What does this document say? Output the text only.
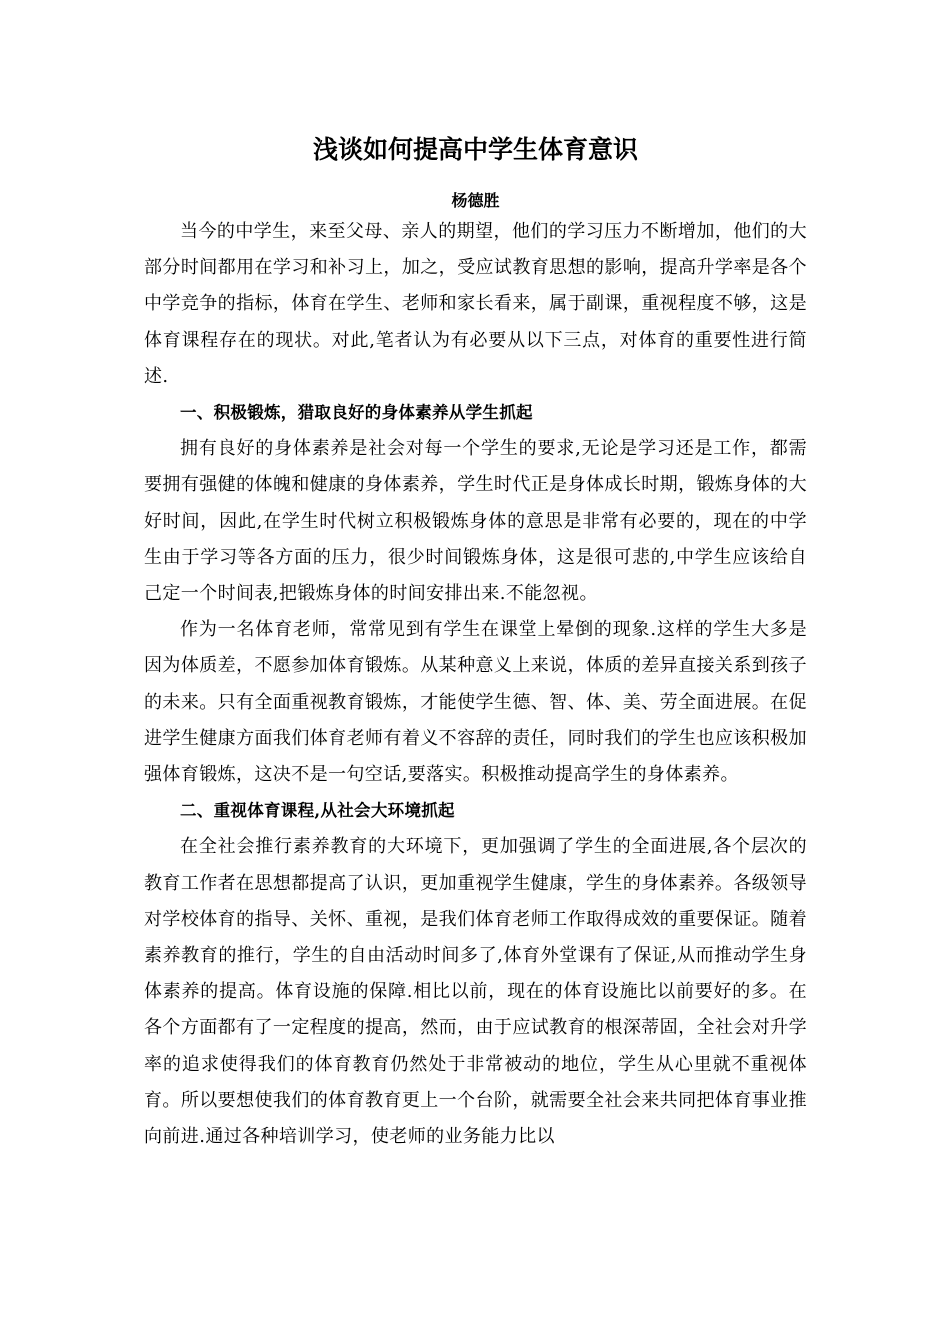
浅谈如何提高中学生体育意识
杨德胜

当今的中学生，来至父母、亲人的期望，他们的学习压力不断增加，他们的大部分时间都用在学习和补习上，加之，受应试教育思想的影响，提高升学率是各个中学竞争的指标，体育在学生、老师和家长看来，属于副课，重视程度不够，这是体育课程存在的现状。对此,笔者认为有必要从以下三点，对体育的重要性进行简述.

一、积极锻炼，猎取良好的身体素养从学生抓起

拥有良好的身体素养是社会对每一个学生的要求,无论是学习还是工作，都需要拥有强健的体魄和健康的身体素养，学生时代正是身体成长时期，锻炼身体的大好时间，因此,在学生时代树立积极锻炼身体的意思是非常有必要的，现在的中学生由于学习等各方面的压力，很少时间锻炼身体，这是很可悲的,中学生应该给自己定一个时间表,把锻炼身体的时间安排出来.不能忽视。

作为一名体育老师，常常见到有学生在课堂上晕倒的现象.这样的学生大多是因为体质差，不愿参加体育锻炼。从某种意义上来说，体质的差异直接关系到孩子的未来。只有全面重视教育锻炼，才能使学生德、智、体、美、劳全面进展。在促进学生健康方面我们体育老师有着义不容辞的责任，同时我们的学生也应该积极加强体育锻炼，这决不是一句空话,要落实。积极推动提高学生的身体素养。

二、重视体育课程,从社会大环境抓起

在全社会推行素养教育的大环境下，更加强调了学生的全面进展,各个层次的教育工作者在思想都提高了认识，更加重视学生健康，学生的身体素养。各级领导对学校体育的指导、关怀、重视，是我们体育老师工作取得成效的重要保证。随着素养教育的推行，学生的自由活动时间多了,体育外堂课有了保证,从而推动学生身体素养的提高。体育设施的保障.相比以前，现在的体育设施比以前要好的多。在各个方面都有了一定程度的提高，然而，由于应试教育的根深蒂固，全社会对升学率的追求使得我们的体育教育仍然处于非常被动的地位，学生从心里就不重视体育。所以要想使我们的体育教育更上一个台阶，就需要全社会来共同把体育事业推向前进.通过各种培训学习，使老师的业务能力比以
